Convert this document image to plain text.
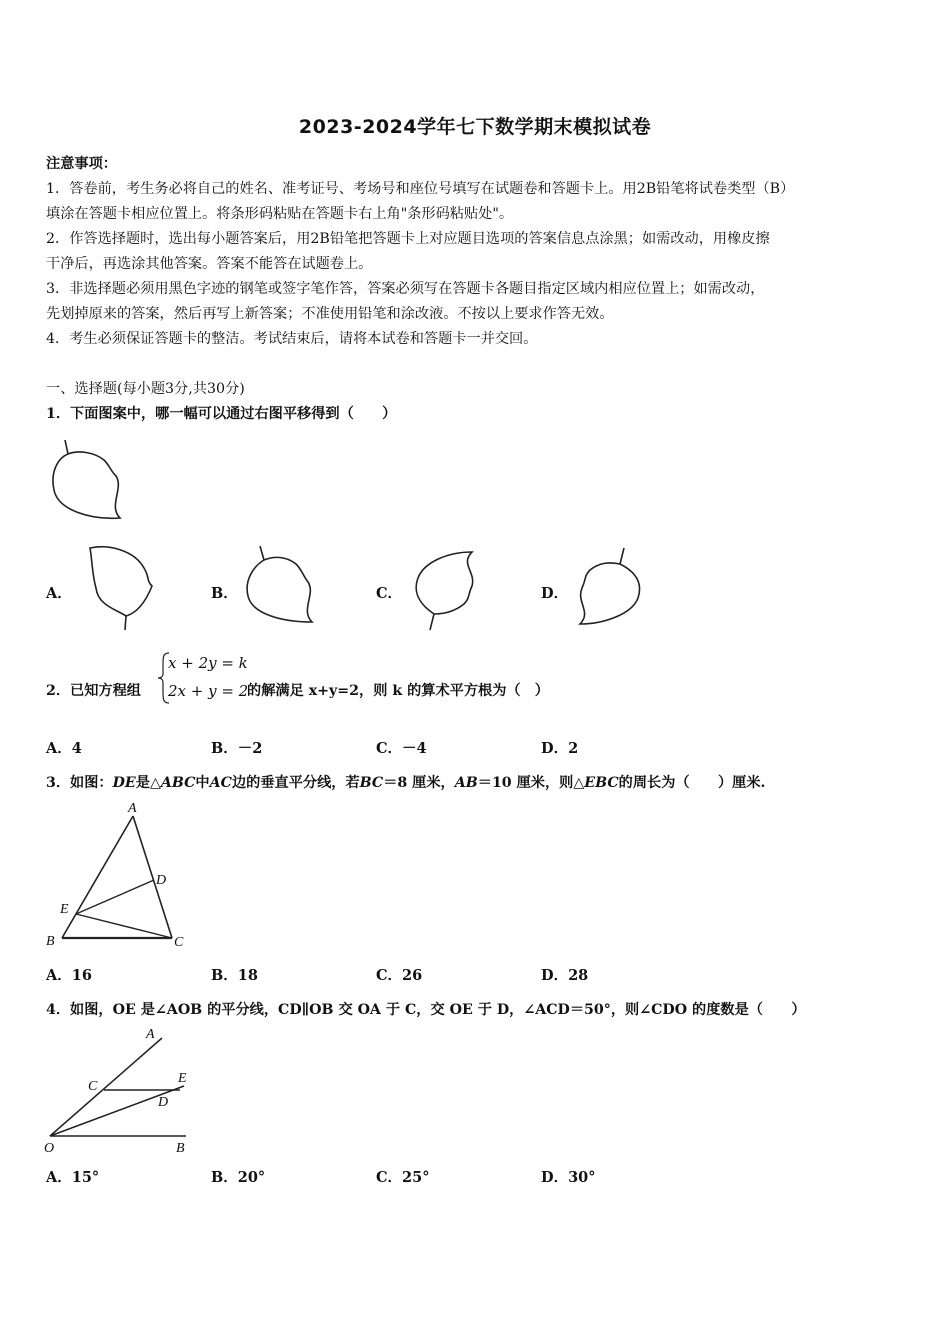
2023-2024学年七下数学期末模拟试卷
注意事项：
1．答卷前，考生务必将自己的姓名、准考证号、考场号和座位号填写在试题卷和答题卡上。用2B铅笔将试卷类型（B）
填涂在答题卡相应位置上。将条形码粘贴在答题卡右上角"条形码粘贴处"。
2．作答选择题时，选出每小题答案后，用2B铅笔把答题卡上对应题目选项的答案信息点涂黑；如需改动，用橡皮擦
干净后，再选涂其他答案。答案不能答在试题卷上。
3．非选择题必须用黑色字迹的钢笔或签字笔作答，答案必须写在答题卡各题目指定区域内相应位置上；如需改动，
先划掉原来的答案，然后再写上新答案；不准使用铅笔和涂改液。不按以上要求作答无效。
4．考生必须保证答题卡的整洁。考试结束后，请将本试卷和答题卡一并交回。
一、选择题(每小题3分,共30分)
1．下面图案中，哪一幅可以通过右图平移得到（　　）
A．	B．	C．	D．
2．已知方程组
x + 2y = k
2x + y = 2
的解满足 x+y=2，则 k 的算术平方根为（　）
A．4	B．－2	C．－4	D．2
3．如图：DE是△ABC中AC边的垂直平分线，若BC＝8 厘米，AB＝10 厘米，则△EBC的周长为（　　）厘米.
A
D
E
B	C
A．16	B．18	C．26	D．28
4．如图，OE 是∠AOB 的平分线，CD∥OB 交 OA 于 C，交 OE 于 D，∠ACD＝50°，则∠CDO 的度数是（　　）
A
C
E
D
O	B
A．15°	B．20°	C．25°	D．30°
